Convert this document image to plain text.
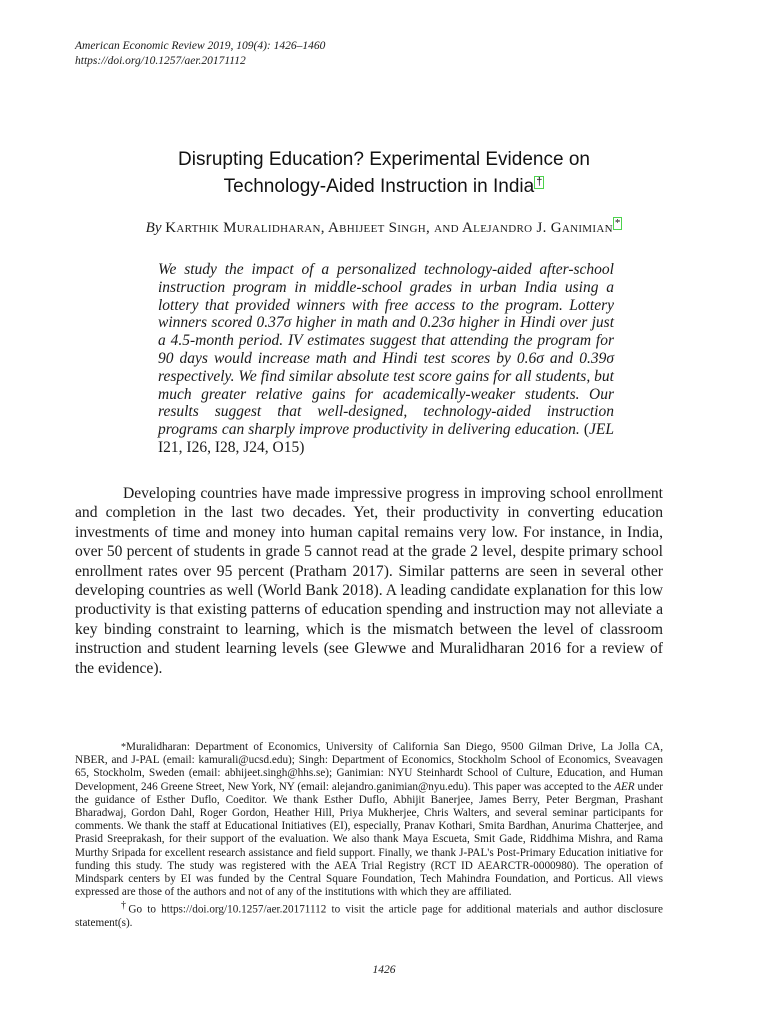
American Economic Review 2019, 109(4): 1426–1460
https://doi.org/10.1257/aer.20171112
Disrupting Education? Experimental Evidence on
Technology-Aided Instruction in India †
By Karthik Muralidharan, Abhijeet Singh, and Alejandro J. Ganimian *
We study the impact of a personalized technology-aided after-school instruction program in middle-school grades in urban India using a lottery that provided winners with free access to the program. Lottery winners scored 0.37σ higher in math and 0.23σ higher in Hindi over just a 4.5-month period. IV estimates suggest that attending the program for 90 days would increase math and Hindi test scores by 0.6σ and 0.39σ respectively. We find similar absolute test score gains for all students, but much greater relative gains for academically-weaker students. Our results suggest that well-designed, technology-aided instruction programs can sharply improve productivity in delivering education. (JEL I21, I26, I28, J24, O15)
Developing countries have made impressive progress in improving school enrollment and completion in the last two decades. Yet, their productivity in converting education investments of time and money into human capital remains very low. For instance, in India, over 50 percent of students in grade 5 cannot read at the grade 2 level, despite primary school enrollment rates over 95 percent (Pratham 2017). Similar patterns are seen in several other developing countries as well (World Bank 2018). A leading candidate explanation for this low productivity is that existing patterns of education spending and instruction may not alleviate a key binding constraint to learning, which is the mismatch between the level of classroom instruction and student learning levels (see Glewwe and Muralidharan 2016 for a review of the evidence).

*Muralidharan: Department of Economics, University of California San Diego, 9500 Gilman Drive, La Jolla CA, NBER, and J-PAL (email: kamurali@ucsd.edu); Singh: Department of Economics, Stockholm School of Economics, Sveavagen 65, Stockholm, Sweden (email: abhijeet.singh@hhs.se); Ganimian: NYU Steinhardt School of Culture, Education, and Human Development, 246 Greene Street, New York, NY (email: alejandro.ganimian@nyu.edu). This paper was accepted to the AER under the guidance of Esther Duflo, Coeditor. We thank Esther Duflo, Abhijit Banerjee, James Berry, Peter Bergman, Prashant Bharadwaj, Gordon Dahl, Roger Gordon, Heather Hill, Priya Mukherjee, Chris Walters, and several seminar participants for comments. We thank the staff at Educational Initiatives (EI), especially, Pranav Kothari, Smita Bardhan, Anurima Chatterjee, and Prasid Sreeprakash, for their support of the evaluation. We also thank Maya Escueta, Smit Gade, Riddhima Mishra, and Rama Murthy Sripada for excellent research assistance and field support. Finally, we thank J-PAL's Post-Primary Education initiative for funding this study. The study was registered with the AEA Trial Registry (RCT ID AEARCTR-0000980). The operation of Mindspark centers by EI was funded by the Central Square Foundation, Tech Mahindra Foundation, and Porticus. All views expressed are those of the authors and not of any of the institutions with which they are affiliated.

†Go to https://doi.org/10.1257/aer.20171112 to visit the article page for additional materials and author disclosure statement(s).

1426
